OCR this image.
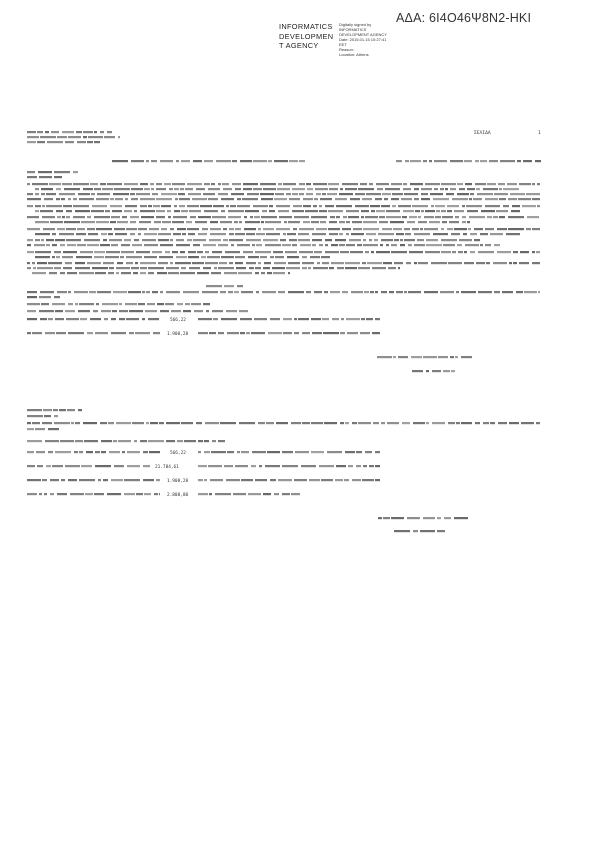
ΑΔΑ: 6Ι4Ο46Ψ8Ν2-ΗΚΙ
INFORMATICS
DEVELOPMEN
T AGENCY
Digitally signed by
INFORMATICS
DEVELOPMENT AGENCY
Date: 2015.01.15 10:27:41
EET
Reason:
Location: Athens
ΣΕΛΙΔΑ	1
566,22
1.908,28
566,22
21.784,61
1.908,28
2.808,80
